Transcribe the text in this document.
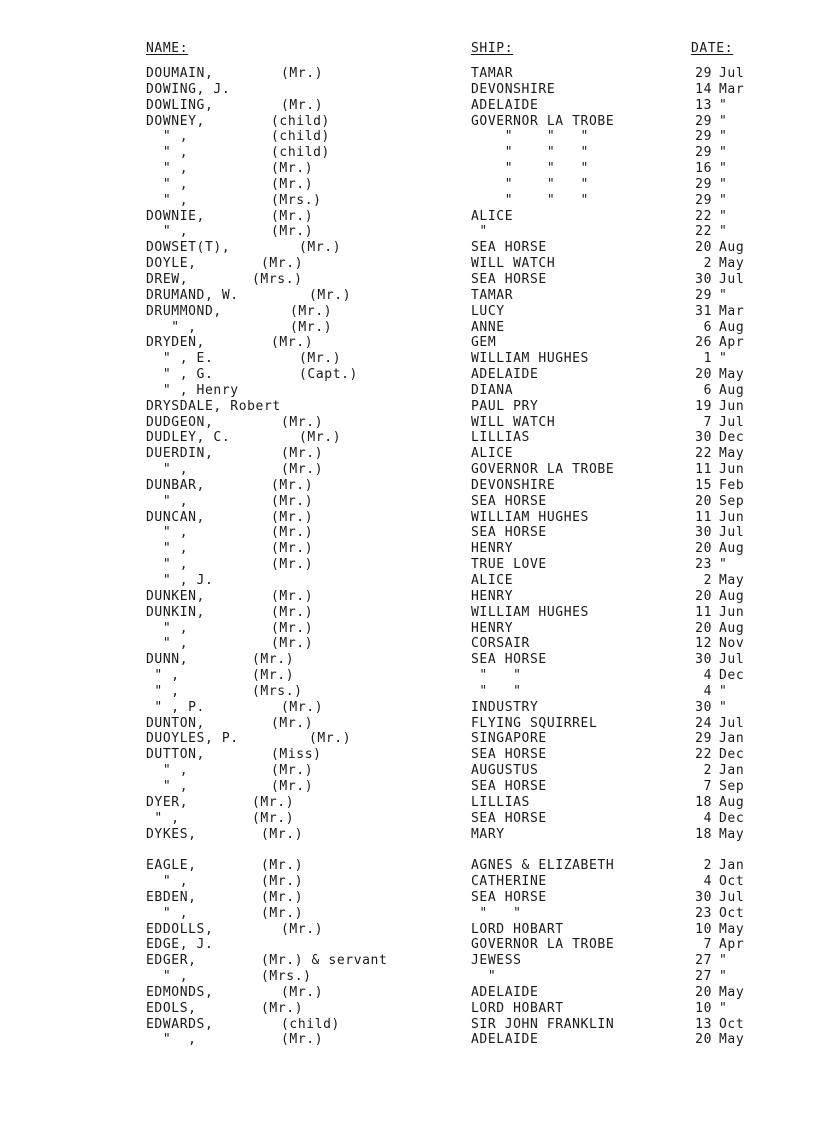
NAME:	SHIP:	DATE:
DOUMAIN,	(Mr.)	TAMAR	29 Jul
DOWING, J.	DEVONSHIRE	14 Mar
DOWLING,	(Mr.)	ADELAIDE	13 "
DOWNEY,	(child)	GOVERNOR LA TROBE	29 "
" ,	(child)	"    "   "	29 "
" ,	(child)	"    "   "	29 "
" ,	(Mr.)	"    "   "	16 "
" ,	(Mr.)	"    "   "	29 "
" ,	(Mrs.)	"    "   "	29 "
DOWNIE,	(Mr.)	ALICE	22 "
" ,	(Mr.)	"	22 "
DOWSET(T),	(Mr.)	SEA HORSE	20 Aug
DOYLE,	(Mr.)	WILL WATCH	2 May
DREW,	(Mrs.)	SEA HORSE	30 Jul
DRUMAND, W.	(Mr.)	TAMAR	29 "
DRUMMOND,	(Mr.)	LUCY	31 Mar
" ,	(Mr.)	ANNE	6 Aug
DRYDEN,	(Mr.)	GEM	26 Apr
" , E.	(Mr.)	WILLIAM HUGHES	1 "
" , G.	(Capt.)	ADELAIDE	20 May
" , Henry	DIANA	6 Aug
DRYSDALE, Robert	PAUL PRY	19 Jun
DUDGEON,	(Mr.)	WILL WATCH	7 Jul
DUDLEY, C.	(Mr.)	LILLIAS	30 Dec
DUERDIN,	(Mr.)	ALICE	22 May
" ,	(Mr.)	GOVERNOR LA TROBE	11 Jun
DUNBAR,	(Mr.)	DEVONSHIRE	15 Feb
" ,	(Mr.)	SEA HORSE	20 Sep
DUNCAN,	(Mr.)	WILLIAM HUGHES	11 Jun
" ,	(Mr.)	SEA HORSE	30 Jul
" ,	(Mr.)	HENRY	20 Aug
" ,	(Mr.)	TRUE LOVE	23 "
" , J.	ALICE	2 May
DUNKEN,	(Mr.)	HENRY	20 Aug
DUNKIN,	(Mr.)	WILLIAM HUGHES	11 Jun
" ,	(Mr.)	HENRY	20 Aug
" ,	(Mr.)	CORSAIR	12 Nov
DUNN,	(Mr.)	SEA HORSE	30 Jul
" ,	(Mr.)	"   "	4 Dec
" ,	(Mrs.)	"   "	4 "
" , P.	(Mr.)	INDUSTRY	30 "
DUNTON,	(Mr.)	FLYING SQUIRREL	24 Jul
DUOYLES, P.	(Mr.)	SINGAPORE	29 Jan
DUTTON,	(Miss)	SEA HORSE	22 Dec
" ,	(Mr.)	AUGUSTUS	2 Jan
" ,	(Mr.)	SEA HORSE	7 Sep
DYER,	(Mr.)	LILLIAS	18 Aug
" ,	(Mr.)	SEA HORSE	4 Dec
DYKES,	(Mr.)	MARY	18 May
EAGLE,	(Mr.)	AGNES & ELIZABETH	2 Jan
" ,	(Mr.)	CATHERINE	4 Oct
EBDEN,	(Mr.)	SEA HORSE	30 Jul
" ,	(Mr.)	"   "	23 Oct
EDDOLLS,	(Mr.)	LORD HOBART	10 May
EDGE, J.	GOVERNOR LA TROBE	7 Apr
EDGER,	(Mr.) & servant	JEWESS	27 "
" ,	(Mrs.)	"	27 "
EDMONDS,	(Mr.)	ADELAIDE	20 May
EDOLS,	(Mr.)	LORD HOBART	10 "
EDWARDS,	(child)	SIR JOHN FRANKLIN	13 Oct
"  ,	(Mr.)	ADELAIDE	20 May
